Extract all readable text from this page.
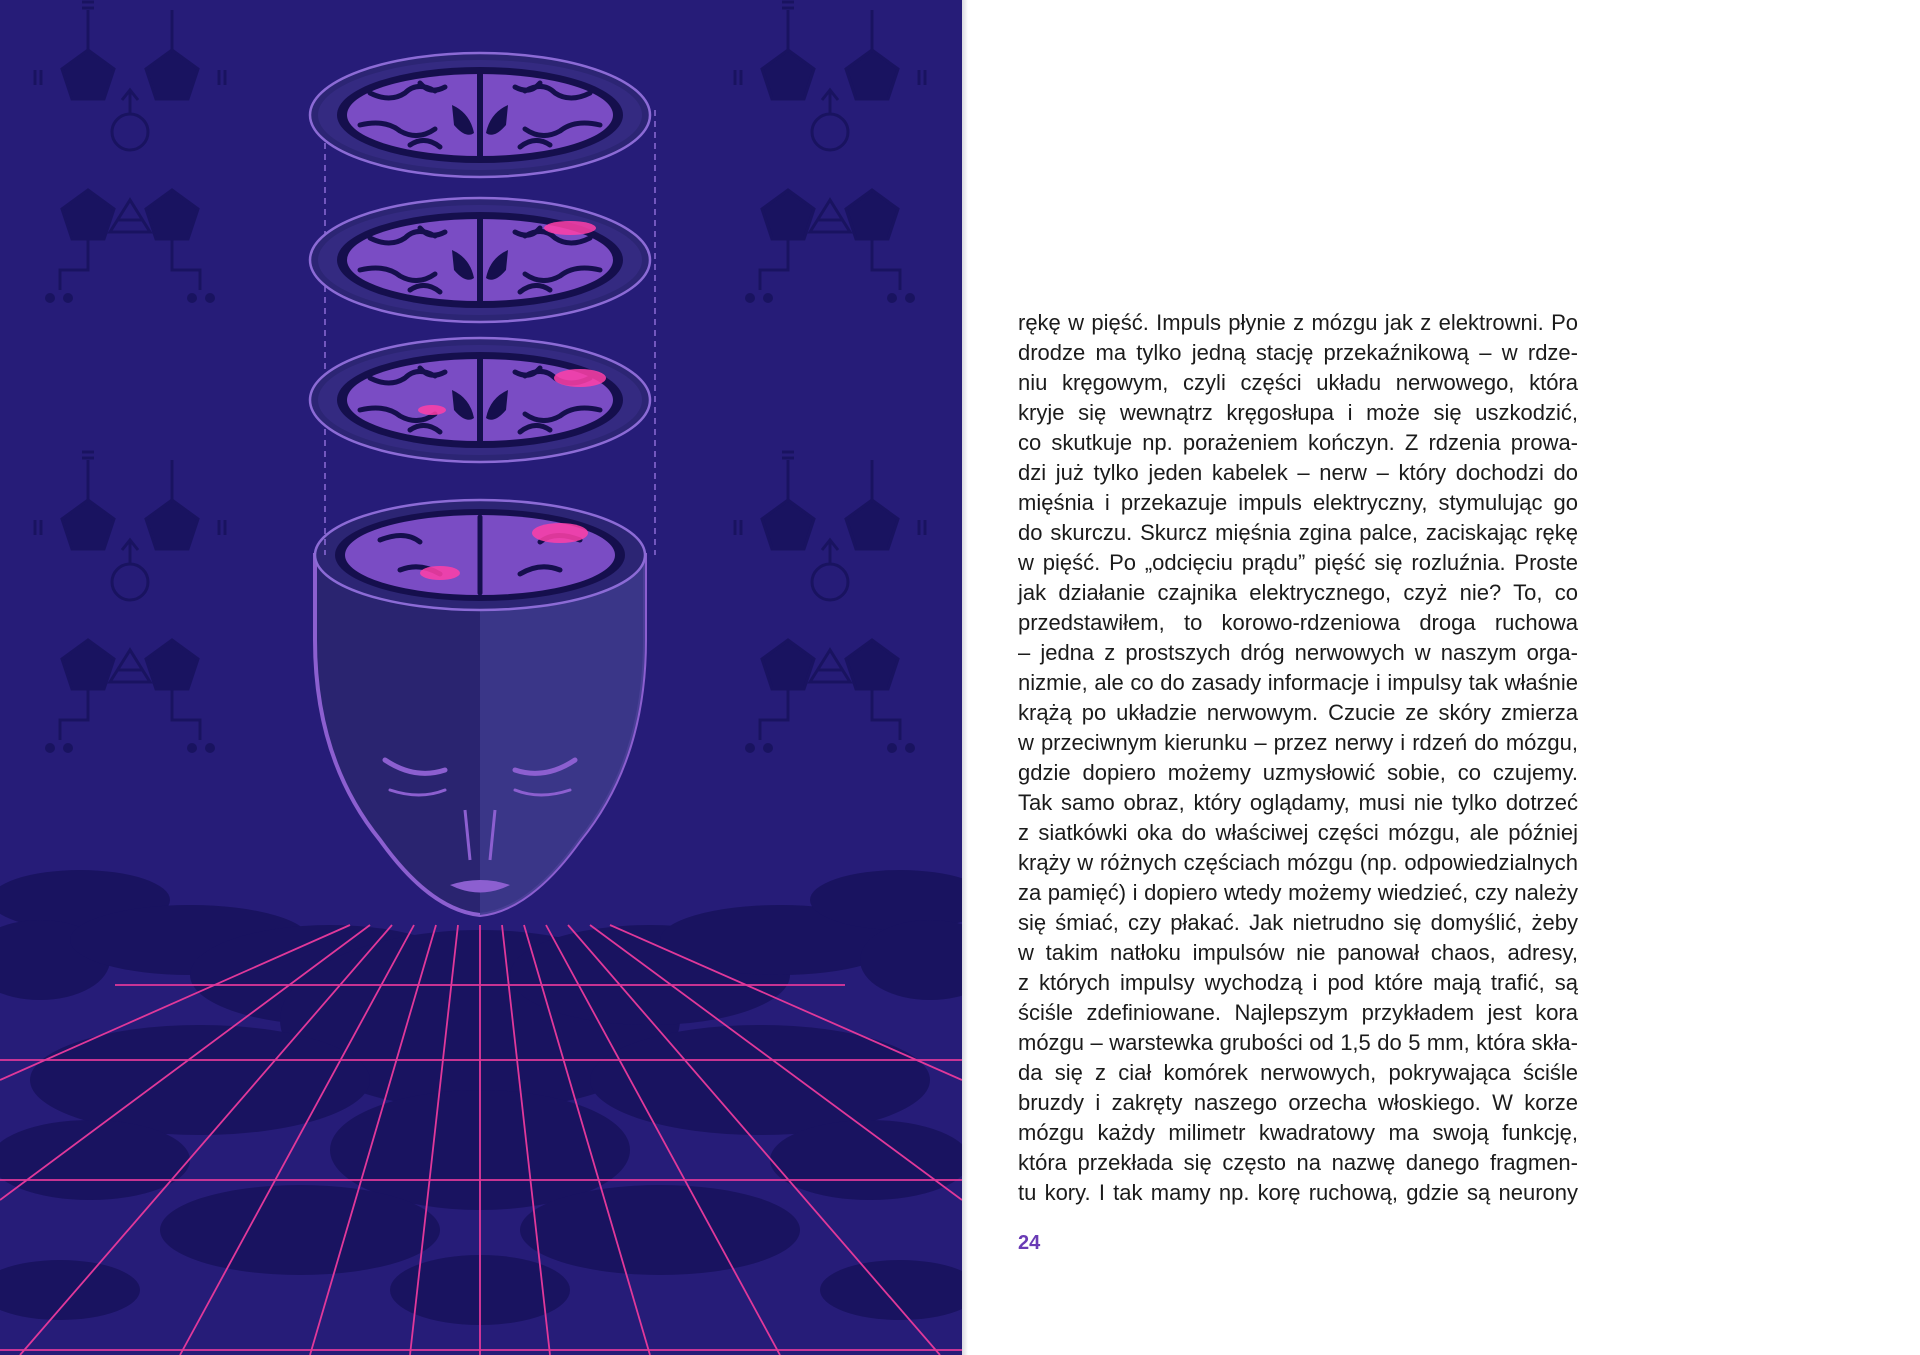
rękę w pięść. Impuls płynie z mózgu jak z elektrowni. Po
drodze ma tylko jedną stację przekaźnikową – w rdze-
niu kręgowym, czyli części układu nerwowego, która
kryje się wewnątrz kręgosłupa i może się uszkodzić,
co skutkuje np. porażeniem kończyn. Z rdzenia prowa-
dzi już tylko jeden kabelek – nerw – który dochodzi do
mięśnia i przekazuje impuls elektryczny, stymulując go
do skurczu. Skurcz mięśnia zgina palce, zaciskając rękę
w pięść. Po „odcięciu prądu” pięść się rozluźnia. Proste
jak działanie czajnika elektrycznego, czyż nie? To, co
przedstawiłem, to korowo-rdzeniowa droga ruchowa
– jedna z prostszych dróg nerwowych w naszym orga-
nizmie, ale co do zasady informacje i impulsy tak właśnie
krążą po układzie nerwowym. Czucie ze skóry zmierza
w przeciwnym kierunku – przez nerwy i rdzeń do mózgu,
gdzie dopiero możemy uzmysłowić sobie, co czujemy.
Tak samo obraz, który oglądamy, musi nie tylko dotrzeć
z siatkówki oka do właściwej części mózgu, ale później
krąży w różnych częściach mózgu (np. odpowiedzialnych
za pamięć) i dopiero wtedy możemy wiedzieć, czy należy
się śmiać, czy płakać. Jak nietrudno się domyślić, żeby
w takim natłoku impulsów nie panował chaos, adresy,
z których impulsy wychodzą i pod które mają trafić, są
ściśle zdefiniowane. Najlepszym przykładem jest kora
mózgu – warstewka grubości od 1,5 do 5 mm, która skła-
da się z ciał komórek nerwowych, pokrywająca ściśle
bruzdy i zakręty naszego orzecha włoskiego. W korze
mózgu każdy milimetr kwadratowy ma swoją funkcję,
która przekłada się często na nazwę danego fragmen-
tu kory. I tak mamy np. korę ruchową, gdzie są neurony

24
